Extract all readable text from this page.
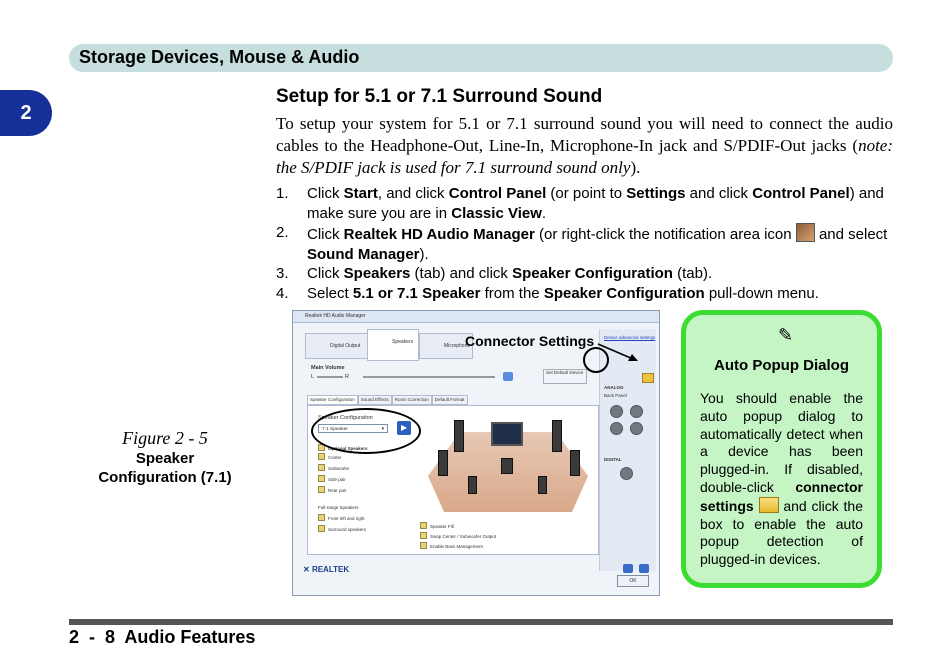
Storage Devices, Mouse & Audio
2
Setup for 5.1 or 7.1 Surround Sound
To setup your system for 5.1 or 7.1 surround sound you will need to connect the audio cables to the Headphone-Out, Line-In, Microphone-In jack and S/PDIF-Out jacks (note: the S/PDIF jack is used for 7.1 surround sound only).
1. Click Start, and click Control Panel (or point to Settings and click Control Panel) and make sure you are in Classic View.
2. Click Realtek HD Audio Manager (or right-click the notification area icon  and select Sound Manager).
3. Click Speakers (tab) and click Speaker Configuration (tab).
4. Select 5.1 or 7.1 Speaker from the Speaker Configuration pull-down menu.
Figure 2 - 5
Speaker
Configuration (7.1)
Realtek HD Audio Manager
Digital Output
Speakers
Microphone
Connector Settings
Main Volume
L	R
Set Default Device
Speaker Configuration Sound Effects Room Correction Default Format
Speaker Configuration
7.1 Speaker	▾ ▶
Optional Speakers
Center
Subwoofer
Side pair
Rear pair
Full-range Speakers
Front left and right
Surround speakers
Speaker Fill
Swap Center / Subwoofer Output
Enable Bass Management
Device advanced settings
ANALOG
Back Panel
DIGITAL
✕ REALTEK
OK
✎
Auto Popup Dialog
You should enable the auto popup dialog to automatically detect when a device has been plugged-in. If disabled, double-click connector settings  and click the box to enable the auto popup detection of plugged-in devices.
2  -  8  Audio Features
